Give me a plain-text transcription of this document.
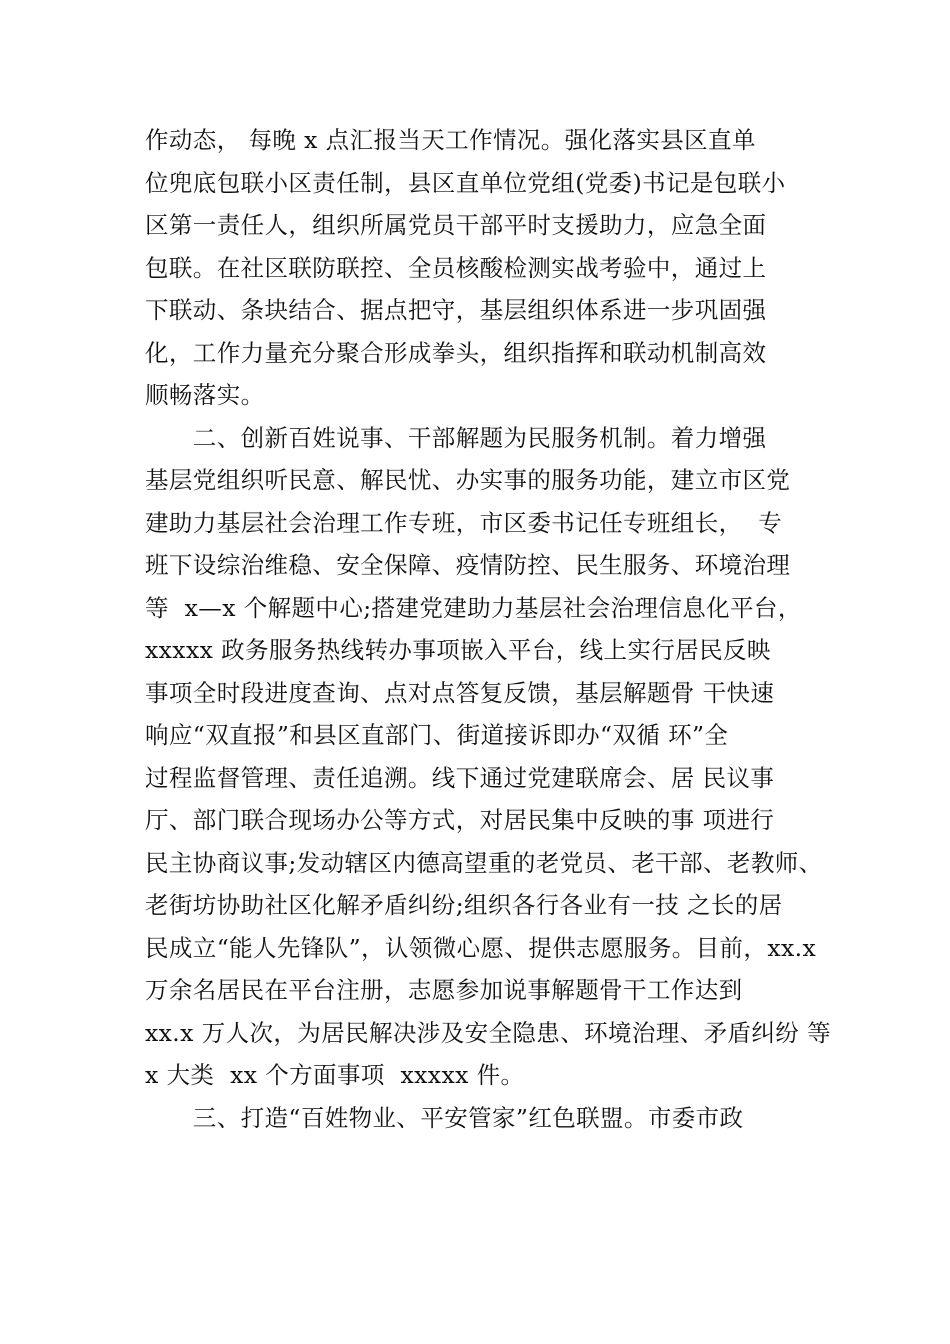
作动态， 每晚 x 点汇报当天工作情况。强化落实县区直单
位兜底包联小区责任制，县区直单位党组(党委)书记是包联小
区第一责任人，组织所属党员干部平时支援助力，应急全面
包联。在社区联防联控、全员核酸检测实战考验中，通过上
下联动、条块结合、据点把守，基层组织体系进一步巩固强
化，工作力量充分聚合形成拳头，组织指挥和联动机制高效
顺畅落实。
　　二、创新百姓说事、干部解题为民服务机制。着力增强
基层党组织听民意、解民忧、办实事的服务功能，建立市区党
建助力基层社会治理工作专班，市区委书记任专班组长，  专
班下设综治维稳、安全保障、疫情防控、民生服务、环境治理
等  x—x 个解题中心;搭建党建助力基层社会治理信息化平台，
xxxxx 政务服务热线转办事项嵌入平台，线上实行居民反映
事项全时段进度查询、点对点答复反馈，基层解题骨 干快速
响应“双直报”和县区直部门、街道接诉即办“双循 环”全
过程监督管理、责任追溯。线下通过党建联席会、居 民议事
厅、部门联合现场办公等方式，对居民集中反映的事 项进行
民主协商议事;发动辖区内德高望重的老党员、老干部、老教师、
老街坊协助社区化解矛盾纠纷;组织各行各业有一技 之长的居
民成立“能人先锋队”，认领微心愿、提供志愿服务。目前，xx.x
万余名居民在平台注册，志愿参加说事解题骨干工作达到
xx.x 万人次，为居民解决涉及安全隐患、环境治理、矛盾纠纷 等
x 大类  xx 个方面事项  xxxxx 件。
　　三、打造“百姓物业、平安管家”红色联盟。市委市政
